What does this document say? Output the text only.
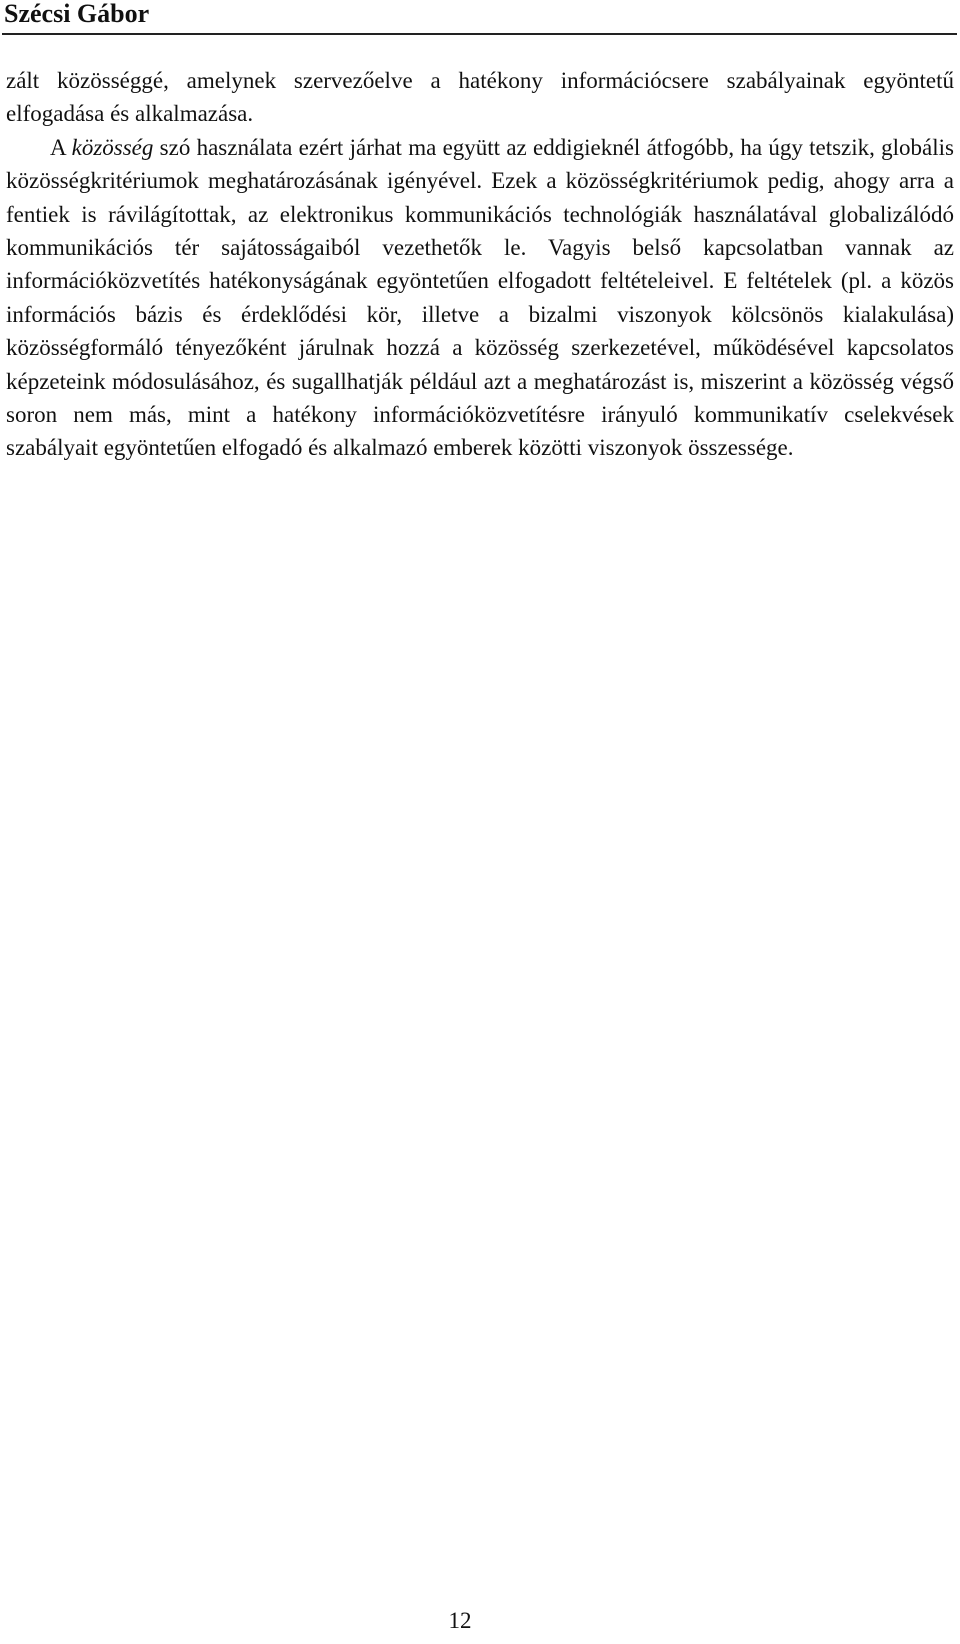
Szécsi Gábor

zált közösséggé, amelynek szervezőelve a hatékony információcsere szabályainak egyöntetű elfogadása és alkalmazása.

A közösség szó használata ezért járhat ma együtt az eddigieknél átfogóbb, ha úgy tetszik, globális közösségkritériumok meghatározásának igényével. Ezek a közösségkritériumok pedig, ahogy arra a fentiek is rávilágítottak, az elektronikus kommunikációs technológiák használatával globalizálódó kommunikációs tér sajátosságaiból vezethetők le. Vagyis belső kapcsolatban vannak az információközvetítés hatékonyságának egyöntetűen elfogadott feltételeivel. E feltételek (pl. a közös információs bázis és érdeklődési kör, illetve a bizalmi viszonyok kölcsönös kialakulása) közösségformáló tényezőként járulnak hozzá a közösség szerkezetével, működésével kapcsolatos képzeteink módosulásához, és sugallhatják például azt a meghatározást is, miszerint a közösség végső soron nem más, mint a hatékony információközvetítésre irányuló kommunikatív cselekvések szabályait egyöntetűen elfogadó és alkalmazó emberek közötti viszonyok összessége.

12
